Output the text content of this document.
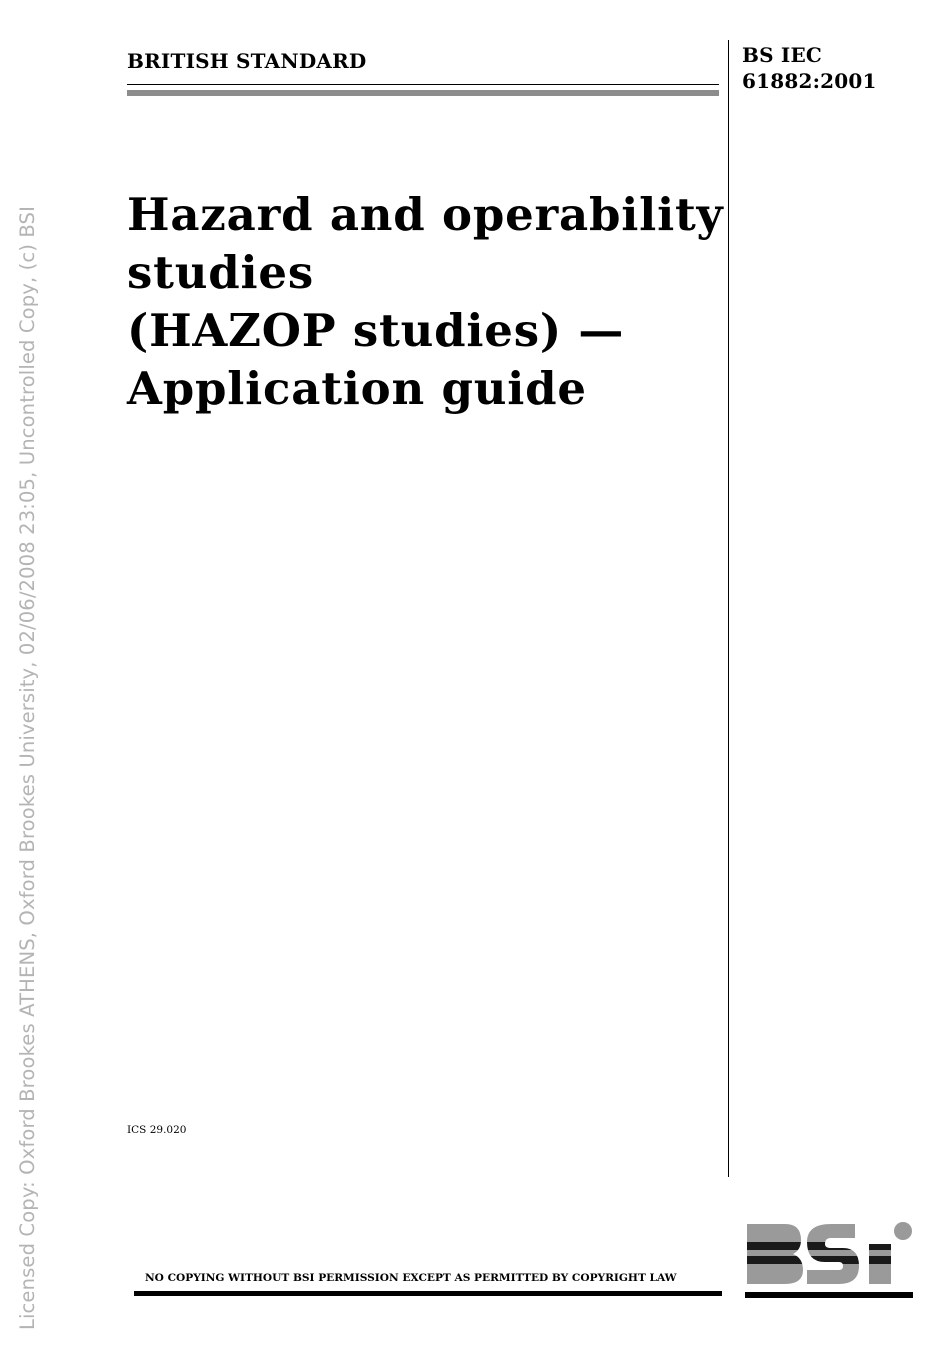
Licensed Copy: Oxford Brookes ATHENS, Oxford Brookes University, 02/06/2008 23:05, Uncontrolled Copy, (c) BSI
BRITISH STANDARD	BS IEC
61882:2001
Hazard and operability
studies
(HAZOP studies) —
Application guide
ICS 29.020
NO COPYING WITHOUT BSI PERMISSION EXCEPT AS PERMITTED BY COPYRIGHT LAW
